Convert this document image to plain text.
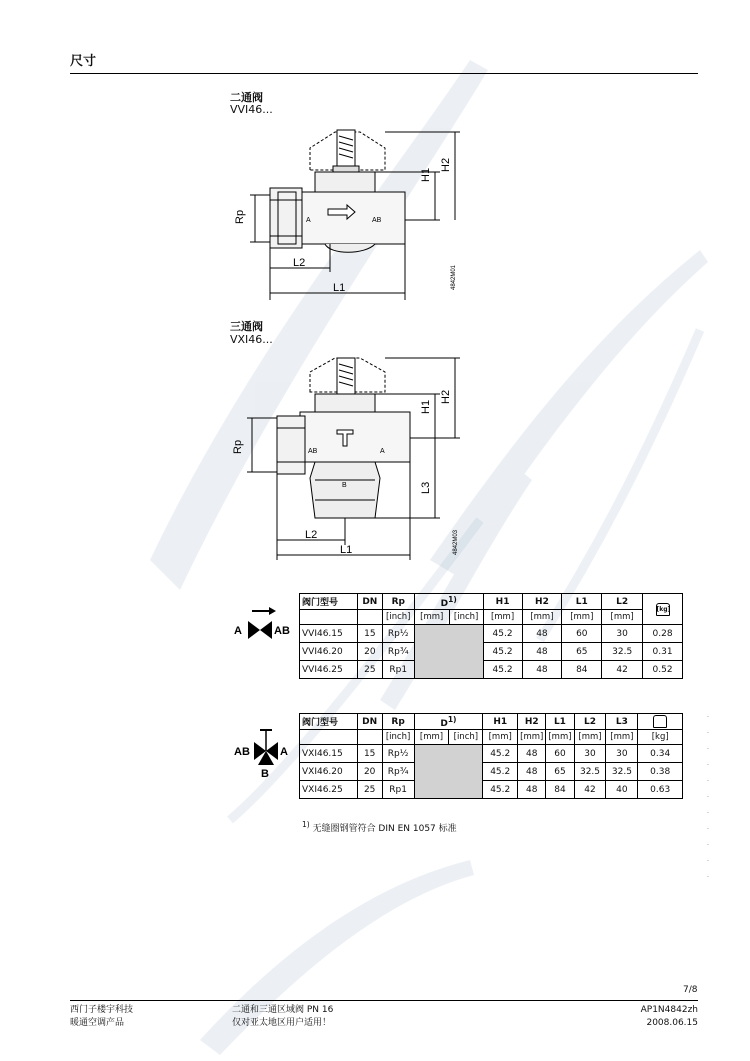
尺寸
二通阀
VVI46...
Rp
H1
H2
L2
L1
A	AB
4842M01
三通阀
VXI46...
Rp
H1
H2
L3
L2
L1
AB	A
B
4842M03
A	AB
AB	A
B
阀门型号	DN	Rp	$D^{1)}$		H1	H2	L1	L2	[kg]

		[inch]	[mm]	[inch]	[mm]	[mm]	[mm]	[mm]	
VVI46.15	15	Rp½			45.2	48	60	30	0.28
VVI46.20	20	Rp¾			45.2	48	65	32.5	0.31
VVI46.25	25	Rp1			45.2	48	84	42	0.52
阀门型号	DN	Rp	$D^{1)}$		H1	H2	L1	L2	L3	

		[inch]	[mm]	[inch]	[mm]	[mm]	[mm]	[mm]	[mm]	[kg]
VXI46.15	15	Rp½			45.2	48	60	30	30	0.34
VXI46.20	20	Rp¾			45.2	48	65	32.5	32.5	0.38
VXI46.25	25	Rp1			45.2	48	84	42	40	0.63
$^{1)}$ 无缝圈钢管符合 DIN EN 1057 标准
.
.
.
.
.
.
.
.
.
.
.
7/8
西门子楼宇科技
暖通空调产品
二通和三通区域阀 PN 16
仅对亚太地区用户适用！
AP1N4842zh
2008.06.15
